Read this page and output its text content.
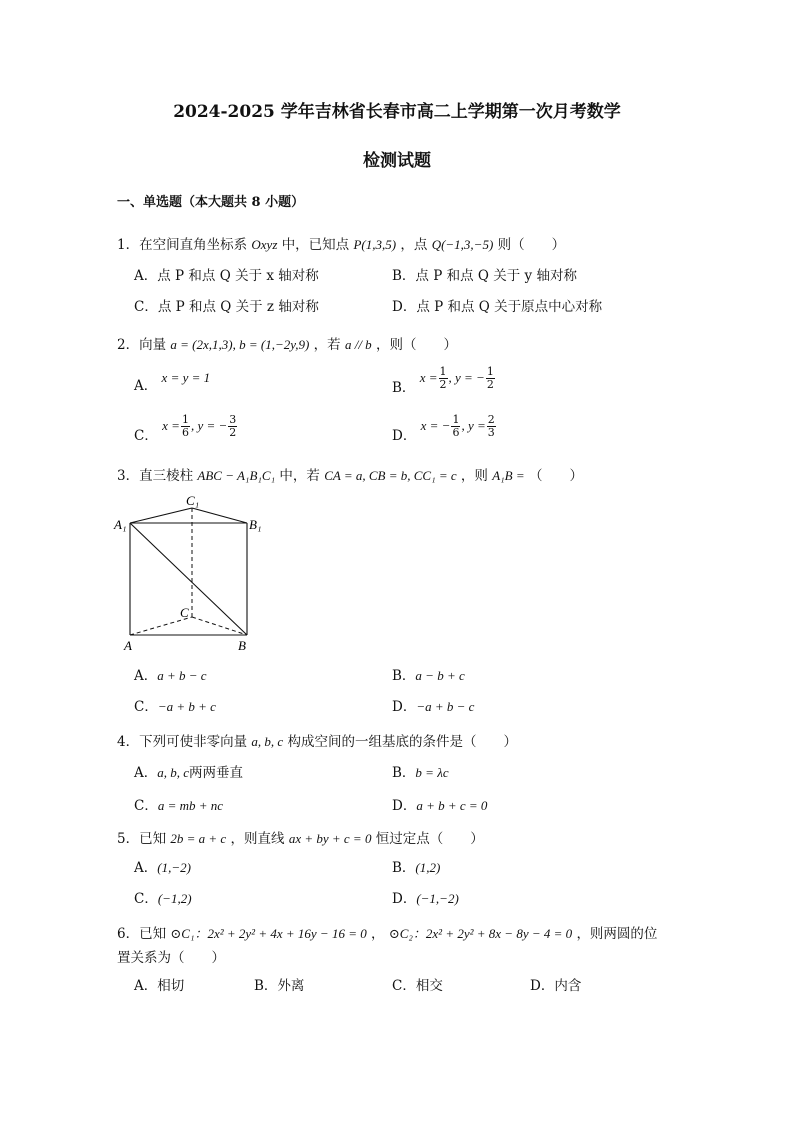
2024-2025 学年吉林省长春市高二上学期第一次月考数学
检测试题
一、单选题（本大题共 8 小题）
1．在空间直角坐标系 Oxyz 中，已知点 P(1,3,5) ，点 Q(−1,3,−5) 则（　　）
A．点 P 和点 Q 关于 x 轴对称	B．点 P 和点 Q 关于 y 轴对称
C．点 P 和点 Q 关于 z 轴对称	D．点 P 和点 Q 关于原点中心对称
2．向量 a = (2x,1,3), b = (1,−2y,9) ，若 a // b ，则（　　）
A． x = y = 1
B． $x = \frac{1}{2}$ , y = − $\frac{1}{2}$
C． $x = \frac{1}{6}$ , y = − $\frac{3}{2}$	D． x = − $\frac{1}{6}$ , $y = \frac{2}{3}$
3．直三棱柱 ABC − A₁B₁C₁ 中，若 CA = a, CB = b, CC₁ = c ，则 A₁B = （　　）
C₁
A₁	B₁
C
A	B
A．a + b − c	B．a − b + c
C．−a + b + c	D．−a + b − c
4．下列可使非零向量 a, b, c 构成空间的一组基底的条件是（　　）
A．a, b, c两两垂直	B．b = λc
C．a = mb + nc	D．a + b + c = 0
5．已知 2b = a + c ，则直线 ax + by + c = 0 恒过定点（　　）
A．(1,−2)	B．(1,2)
C．(−1,2)	D．(−1,−2)
6．已知 ⊙C₁：2x² + 2y² + 4x + 16y − 16 = 0 ， ⊙C₂：2x² + 2y² + 8x − 8y − 4 = 0 ，则两圆的位
置关系为（　　）
A．相切	B．外离	C．相交	D．内含
